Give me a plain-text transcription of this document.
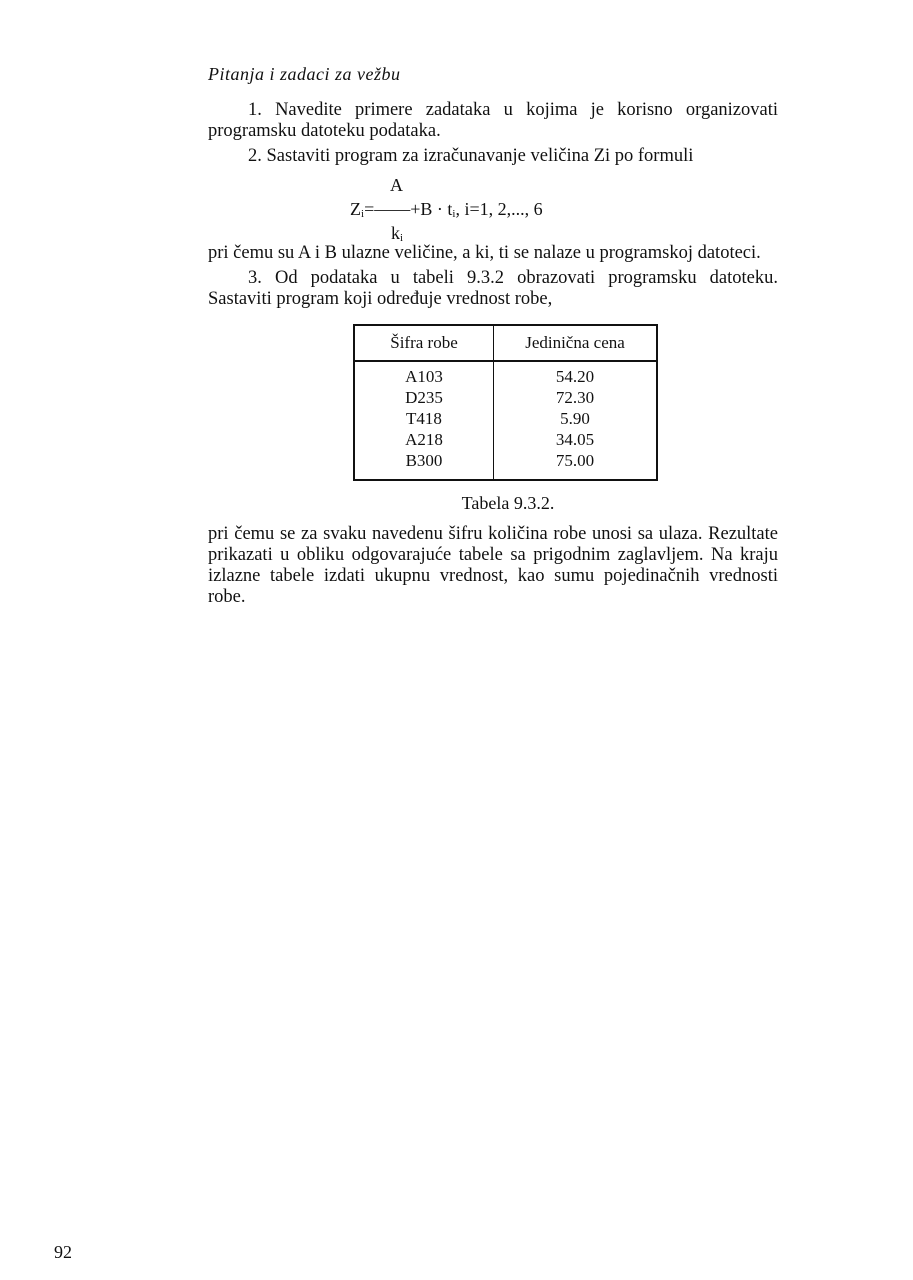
Pitanja i zadaci za vežbu

1. Navedite primere zadataka u kojima je korisno organizovati programsku datoteku podataka.

2. Sastaviti program za izračunavanje veličina Zi po formuli

A
$Z_i=——+B \cdot t_i$, i=1, 2,..., 6
$k_i$

pri čemu su A i B ulazne veličine, a ki, ti se nalaze u programskoj datoteci.

3. Od podataka u tabeli 9.3.2 obrazovati programsku datoteku. Sastaviti program koji određuje vrednost robe,

Šifra robe	Jedinična cena
A103	54.20
D235	72.30
T418	5.90
A218	34.05
B300	75.00

Tabela 9.3.2.

pri čemu se za svaku navedenu šifru količina robe unosi sa ulaza. Rezultate prikazati u obliku odgovarajuće tabele sa prigodnim zaglavljem. Na kraju izlazne tabele izdati ukupnu vrednost, kao sumu pojedinačnih vrednosti robe.

92
